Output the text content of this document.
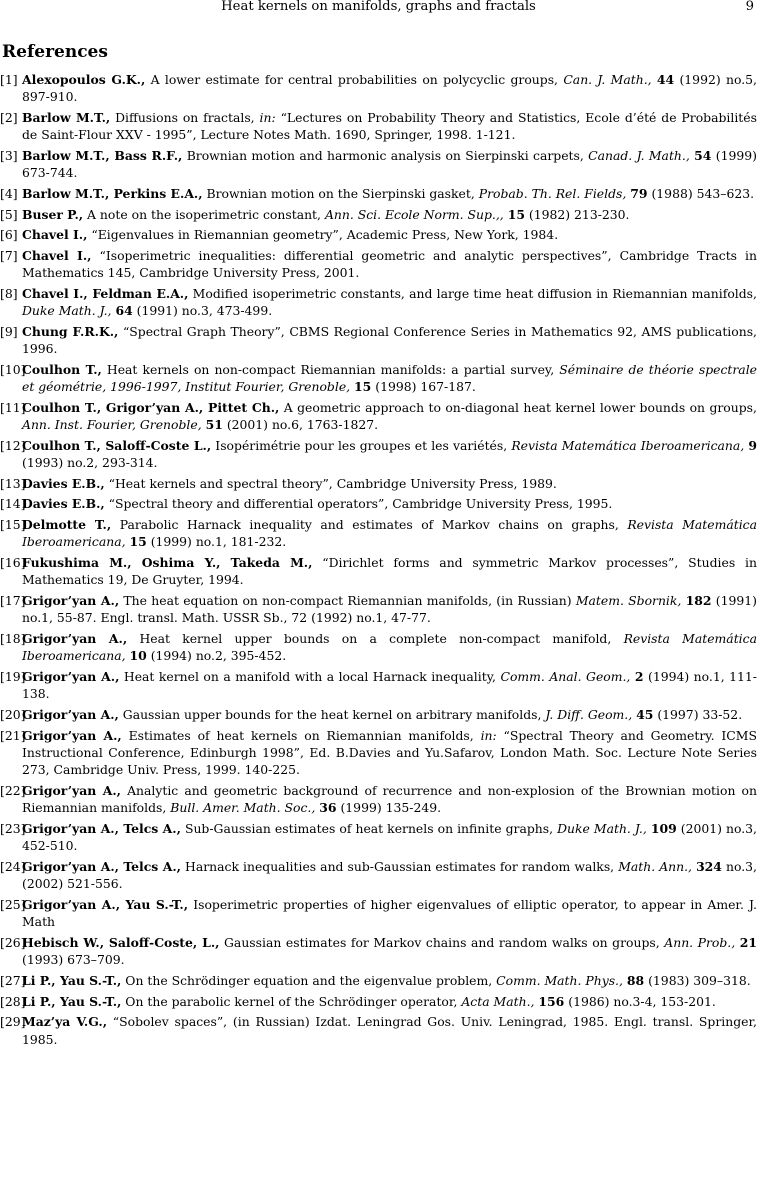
Heat kernels on manifolds, graphs and fractals	9
References
[1] Alexopoulos G.K., A lower estimate for central probabilities on polycyclic groups, Can. J. Math., 44 (1992) no.5, 897-910.
[2] Barlow M.T., Diffusions on fractals, in: “Lectures on Probability Theory and Statistics, Ecole d’été de Probabilités de Saint-Flour XXV - 1995”, Lecture Notes Math. 1690, Springer, 1998. 1-121.
[3] Barlow M.T., Bass R.F., Brownian motion and harmonic analysis on Sierpinski carpets, Canad. J. Math., 54 (1999) 673-744.
[4] Barlow M.T., Perkins E.A., Brownian motion on the Sierpinski gasket, Probab. Th. Rel. Fields, 79 (1988) 543–623.
[5] Buser P., A note on the isoperimetric constant, Ann. Sci. Ecole Norm. Sup.,, 15 (1982) 213-230.
[6] Chavel I., “Eigenvalues in Riemannian geometry”, Academic Press, New York, 1984.
[7] Chavel I., “Isoperimetric inequalities: differential geometric and analytic perspectives”, Cambridge Tracts in Mathematics 145, Cambridge University Press, 2001.
[8] Chavel I., Feldman E.A., Modified isoperimetric constants, and large time heat diffusion in Riemannian manifolds, Duke Math. J., 64 (1991) no.3, 473-499.
[9] Chung F.R.K., “Spectral Graph Theory”, CBMS Regional Conference Series in Mathematics 92, AMS publications, 1996.
[10]
Coulhon T., Heat kernels on non-compact Riemannian manifolds: a partial survey, Séminaire de théorie spectrale et géométrie, 1996-1997, Institut Fourier, Grenoble, 15 (1998) 167-187.
[11]
Coulhon T., Grigor’yan A., Pittet Ch., A geometric approach to on-diagonal heat kernel lower bounds on groups, Ann. Inst. Fourier, Grenoble, 51 (2001) no.6, 1763-1827.
[12]
Coulhon T., Saloff-Coste L., Isopérimétrie pour les groupes et les variétés, Revista Matemática Iberoamericana, 9 (1993) no.2, 293-314.
[13]
Davies E.B., “Heat kernels and spectral theory”, Cambridge University Press, 1989.
[14]
Davies E.B., “Spectral theory and differential operators”, Cambridge University Press, 1995.
[15]
Delmotte T., Parabolic Harnack inequality and estimates of Markov chains on graphs, Revista Matemática Iberoamericana, 15 (1999) no.1, 181-232.
[16]
Fukushima M., Oshima Y., Takeda M., “Dirichlet forms and symmetric Markov processes”, Studies in Mathematics 19, De Gruyter, 1994.
[17]
Grigor’yan A., The heat equation on non-compact Riemannian manifolds, (in Russian) Matem. Sbornik, 182 (1991) no.1, 55-87. Engl. transl. Math. USSR Sb., 72 (1992) no.1, 47-77.
[18]
Grigor’yan A., Heat kernel upper bounds on a complete non-compact manifold, Revista Matemática Iberoamericana, 10 (1994) no.2, 395-452.
[19]
Grigor’yan A., Heat kernel on a manifold with a local Harnack inequality, Comm. Anal. Geom., 2 (1994) no.1, 111-138.
[20]
Grigor’yan A., Gaussian upper bounds for the heat kernel on arbitrary manifolds, J. Diff. Geom., 45 (1997) 33-52.
[21]
Grigor’yan A., Estimates of heat kernels on Riemannian manifolds, in: “Spectral Theory and Geometry. ICMS Instructional Conference, Edinburgh 1998”, Ed. B.Davies and Yu.Safarov, London Math. Soc. Lecture Note Series 273, Cambridge Univ. Press, 1999. 140-225.
[22]
Grigor’yan A., Analytic and geometric background of recurrence and non-explosion of the Brownian motion on Riemannian manifolds, Bull. Amer. Math. Soc., 36 (1999) 135-249.
[23]
Grigor’yan A., Telcs A., Sub-Gaussian estimates of heat kernels on infinite graphs, Duke Math. J., 109 (2001) no.3, 452-510.
[24]
Grigor’yan A., Telcs A., Harnack inequalities and sub-Gaussian estimates for random walks, Math. Ann., 324 no.3, (2002) 521-556.
[25]
Grigor’yan A., Yau S.-T., Isoperimetric properties of higher eigenvalues of elliptic operator, to appear in Amer. J. Math
[26]
Hebisch W., Saloff-Coste, L., Gaussian estimates for Markov chains and random walks on groups, Ann. Prob., 21 (1993) 673–709.
[27]
Li P., Yau S.-T., On the Schrödinger equation and the eigenvalue problem, Comm. Math. Phys., 88 (1983) 309–318.
[28]
Li P., Yau S.-T., On the parabolic kernel of the Schrödinger operator, Acta Math., 156 (1986) no.3-4, 153-201.
[29]
Maz’ya V.G., “Sobolev spaces”, (in Russian) Izdat. Leningrad Gos. Univ. Leningrad, 1985. Engl. transl. Springer, 1985.
